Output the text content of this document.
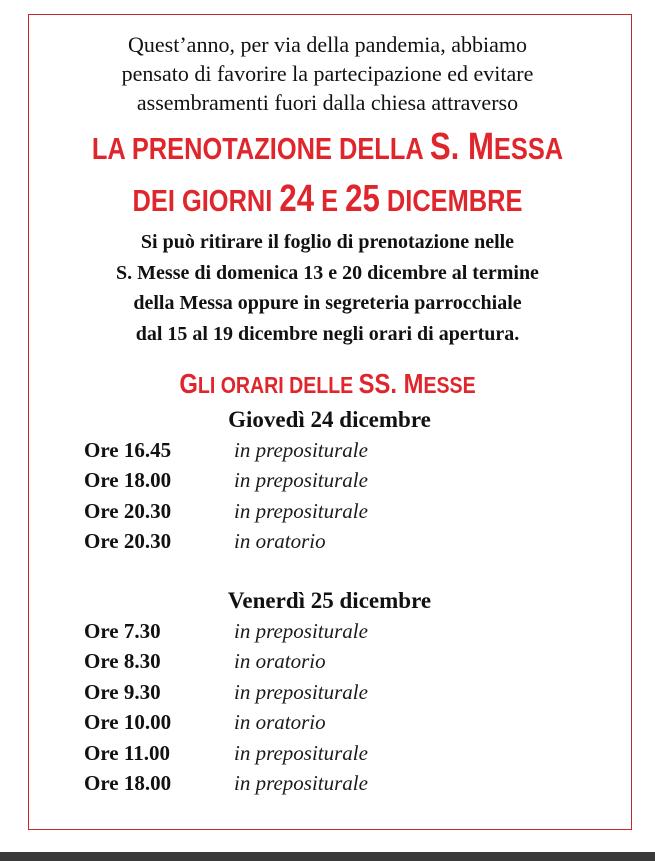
Quest’anno, per via della pandemia, abbiamo
pensato di favorire la partecipazione ed evitare
assembramenti fuori dalla chiesa attraverso
LA PRENOTAZIONE DELLA S. MESSA
DEI GIORNI 24 E 25 DICEMBRE
Si può ritirare il foglio di prenotazione nelle
S. Messe di domenica 13 e 20 dicembre al termine
della Messa oppure in segreteria parrocchiale
dal 15 al 19 dicembre negli orari di apertura.
GLI ORARI DELLE SS. MESSE
Giovedì 24 dicembre
Ore 16.45	in prepositurale
Ore 18.00	in prepositurale
Ore 20.30	in prepositurale
Ore 20.30	in oratorio
Venerdì 25 dicembre
Ore 7.30	in prepositurale
Ore 8.30	in oratorio
Ore 9.30	in prepositurale
Ore 10.00	in oratorio
Ore 11.00	in prepositurale
Ore 18.00	in prepositurale
